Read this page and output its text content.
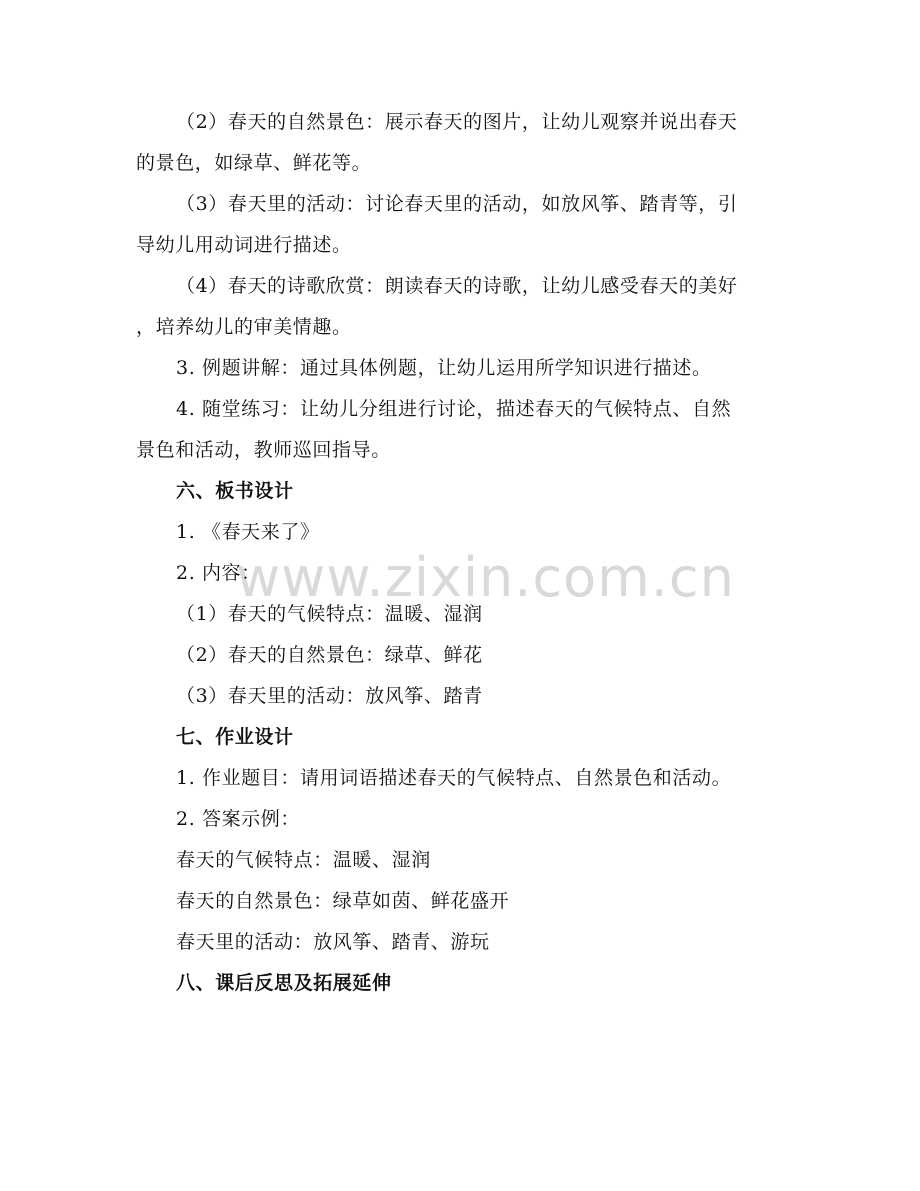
www.zixin.com.cn
（2）春天的自然景色：展示春天的图片，让幼儿观察并说出春天
的景色，如绿草、鲜花等。
（3）春天里的活动：讨论春天里的活动，如放风筝、踏青等，引
导幼儿用动词进行描述。
（4）春天的诗歌欣赏：朗读春天的诗歌，让幼儿感受春天的美好
，培养幼儿的审美情趣。
3. 例题讲解：通过具体例题，让幼儿运用所学知识进行描述。
4. 随堂练习：让幼儿分组进行讨论，描述春天的气候特点、自然
景色和活动，教师巡回指导。
六、板书设计
1. 《春天来了》
2. 内容：
（1）春天的气候特点：温暖、湿润
（2）春天的自然景色：绿草、鲜花
（3）春天里的活动：放风筝、踏青
七、作业设计
1. 作业题目：请用词语描述春天的气候特点、自然景色和活动。
2. 答案示例：
春天的气候特点：温暖、湿润
春天的自然景色：绿草如茵、鲜花盛开
春天里的活动：放风筝、踏青、游玩
八、课后反思及拓展延伸
